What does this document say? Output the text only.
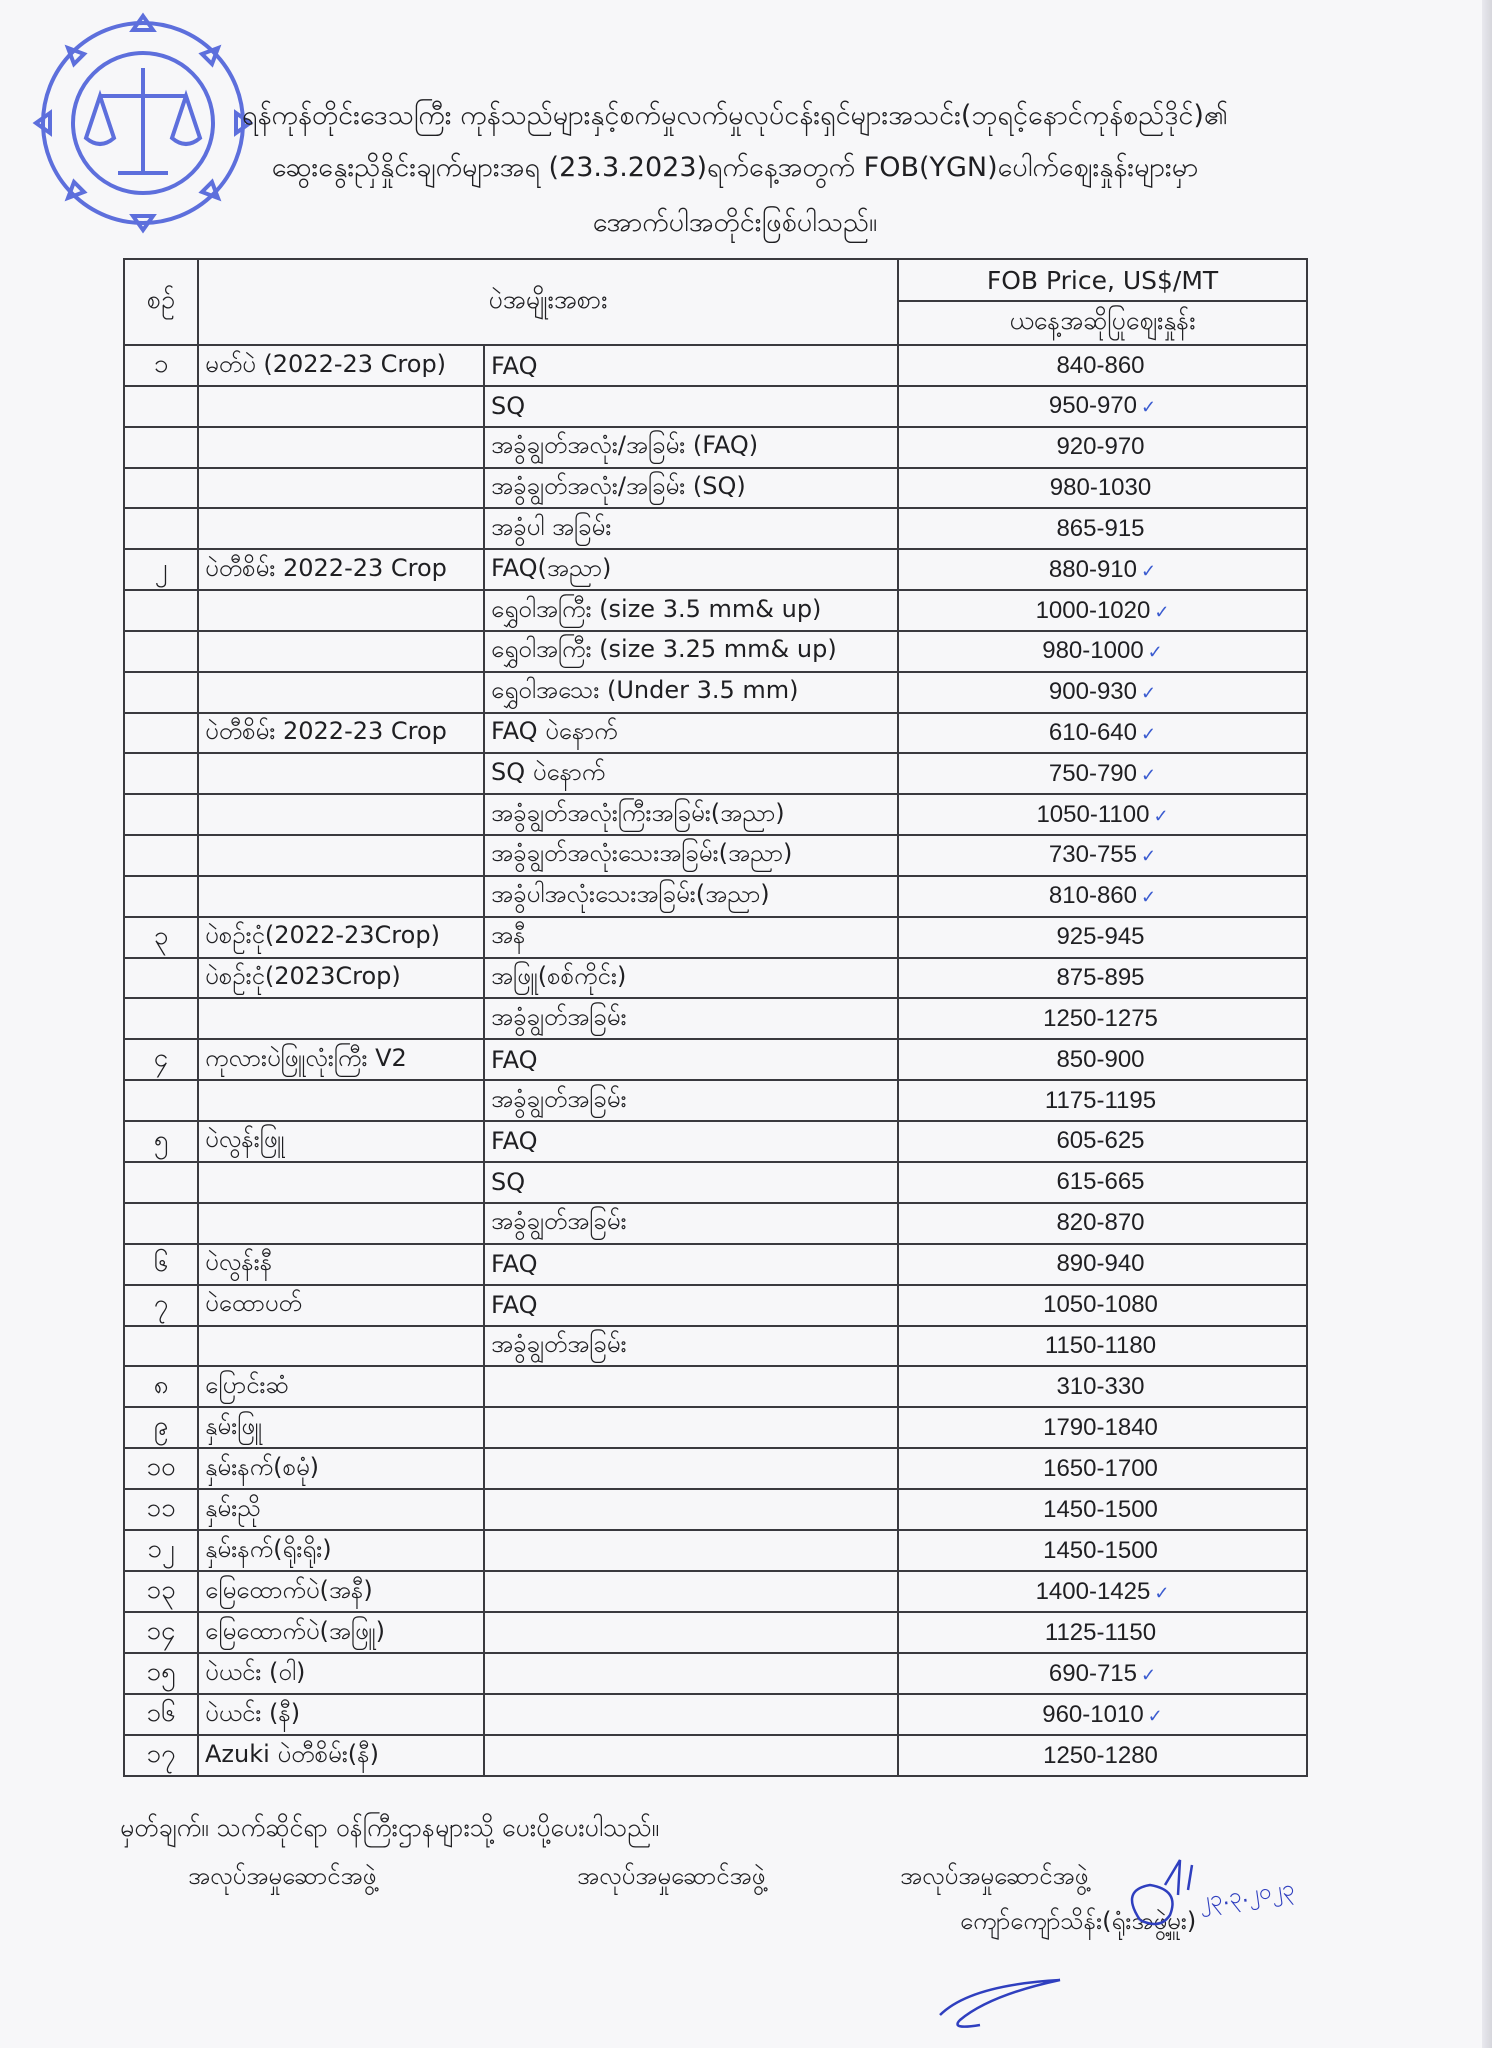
ရန်ကုန်တိုင်းဒေသကြီး ကုန်သည်များနှင့်စက်မှုလက်မှုလုပ်ငန်းရှင်များအသင်း(ဘုရင့်နောင်ကုန်စည်ဒိုင်)၏
ဆွေးနွေးညှိနှိုင်းချက်များအရ (23.3.2023)ရက်နေ့အတွက် FOB(YGN)ပေါက်ဈေးနှုန်းများမှာ
အောက်ပါအတိုင်းဖြစ်ပါသည်။
စဉ်	ပဲအမျိုးအစား		FOB Price, US$/MT
			ယနေ့အဆိုပြုဈေးနှုန်း
၁	မတ်ပဲ (2022-23 Crop)	FAQ	840-860
		SQ	950-970 ✓
		အခွံချွတ်အလုံး/အခြမ်း (FAQ)	920-970
		အခွံချွတ်အလုံး/အခြမ်း (SQ)	980-1030
		အခွံပါ အခြမ်း	865-915
၂	ပဲတီစိမ်း 2022-23 Crop	FAQ(အညာ)	880-910 ✓
		ရွှေဝါအကြီး (size 3.5 mm& up)	1000-1020 ✓
		ရွှေဝါအကြီး (size 3.25 mm& up)	980-1000 ✓
		ရွှေဝါအသေး (Under 3.5 mm)	900-930 ✓
	ပဲတီစိမ်း 2022-23 Crop	FAQ ပဲနောက်	610-640 ✓
		SQ ပဲနောက်	750-790 ✓
		အခွံချွတ်အလုံးကြီးအခြမ်း(အညာ)	1050-1100 ✓
		အခွံချွတ်အလုံးသေးအခြမ်း(အညာ)	730-755 ✓
		အခွံပါအလုံးသေးအခြမ်း(အညာ)	810-860 ✓
၃	ပဲစဉ်းငုံ(2022-23Crop)	အနီ	925-945
	ပဲစဉ်းငုံ(2023Crop)	အဖြူ(စစ်ကိုင်း)	875-895
		အခွံချွတ်အခြမ်း	1250-1275
၄	ကုလားပဲဖြူလုံးကြီး V2	FAQ	850-900
		အခွံချွတ်အခြမ်း	1175-1195
၅	ပဲလွန်းဖြူ	FAQ	605-625
		SQ	615-665
		အခွံချွတ်အခြမ်း	820-870
၆	ပဲလွန်းနီ	FAQ	890-940
၇	ပဲထောပတ်	FAQ	1050-1080
		အခွံချွတ်အခြမ်း	1150-1180
၈	ပြောင်းဆံ		310-330
၉	နှမ်းဖြူ		1790-1840
၁၀	နှမ်းနက်(စမုံ)		1650-1700
၁၁	နှမ်းညို		1450-1500
၁၂	နှမ်းနက်(ရိုးရိုး)		1450-1500
၁၃	မြေထောက်ပဲ(အနီ)		1400-1425 ✓
၁၄	မြေထောက်ပဲ(အဖြူ)		1125-1150
၁၅	ပဲယင်း (ဝါ)		690-715 ✓
၁၆	ပဲယင်း (နီ)		960-1010 ✓
၁၇	Azuki ပဲတီစိမ်း(နီ)		1250-1280
မှတ်ချက်။ သက်ဆိုင်ရာ ဝန်ကြီးဌာနများသို့ ပေးပို့ပေးပါသည်။
အလုပ်အမှုဆောင်အဖွဲ့	အလုပ်အမှုဆောင်အဖွဲ့	အလုပ်အမှုဆောင်အဖွဲ့
ကျော်ကျော်သိန်း(ရုံးအဖွဲ့မှူး)
၂၃.၃.၂၀၂၃
